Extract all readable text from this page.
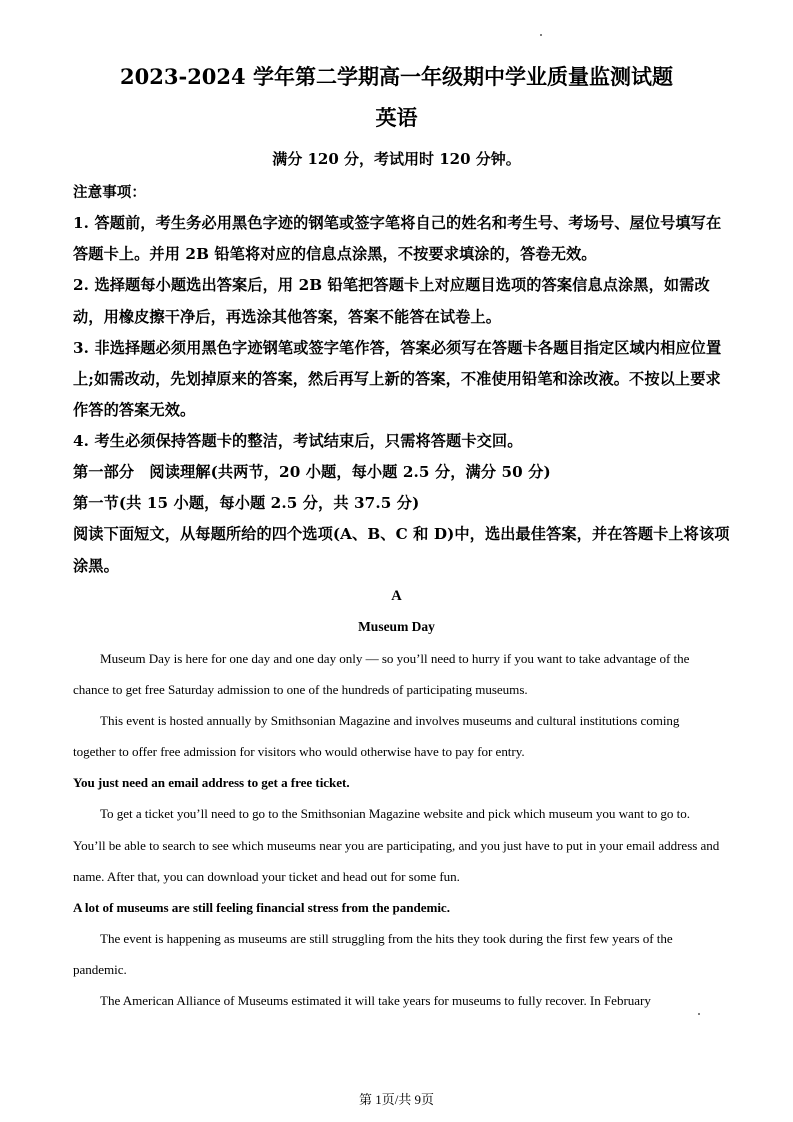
2023-2024 学年第二学期高一年级期中学业质量监测试题
英语
满分 120 分，考试用时 120 分钟。
注意事项：

1. 答题前，考生务必用黑色字迹的钢笔或签字笔将自己的姓名和考生号、考场号、屋位号填写在答题卡上。并用 2B 铅笔将对应的信息点涂黑，不按要求填涂的，答卷无效。

2. 选择题每小题选出答案后，用 2B 铅笔把答题卡上对应题目选项的答案信息点涂黑，如需改动，用橡皮擦干净后，再选涂其他答案，答案不能答在试卷上。

3. 非选择题必须用黑色字迹钢笔或签字笔作答，答案必须写在答题卡各题目指定区域内相应位置上;如需改动，先划掉原来的答案，然后再写上新的答案，不准使用铅笔和涂改液。不按以上要求作答的答案无效。

4. 考生必须保持答题卡的整洁，考试结束后，只需将答题卡交回。

第一部分　阅读理解(共两节，20 小题，每小题 2.5 分，满分 50 分)

第一节(共 15 小题，每小题 2.5 分，共 37.5 分)

阅读下面短文，从每题所给的四个选项(A、B、C 和 D)中，选出最佳答案，并在答题卡上将该项涂黑。

A
Museum Day

Museum Day is here for one day and one day only — so you’ll need to hurry if you want to take advantage of the chance to get free Saturday admission to one of the hundreds of participating museums.

This event is hosted annually by Smithsonian Magazine and involves museums and cultural institutions coming together to offer free admission for visitors who would otherwise have to pay for entry.

You just need an email address to get a free ticket.

To get a ticket you’ll need to go to the Smithsonian Magazine website and pick which museum you want to go to. You’ll be able to search to see which museums near you are participating, and you just have to put in your email address and name. After that, you can download your ticket and head out for some fun.

A lot of museums are still feeling financial stress from the pandemic.

The event is happening as museums are still struggling from the hits they took during the first few years of the pandemic.

The American Alliance of Museums estimated it will take years for museums to fully recover. In February

第 1页/共 9页
